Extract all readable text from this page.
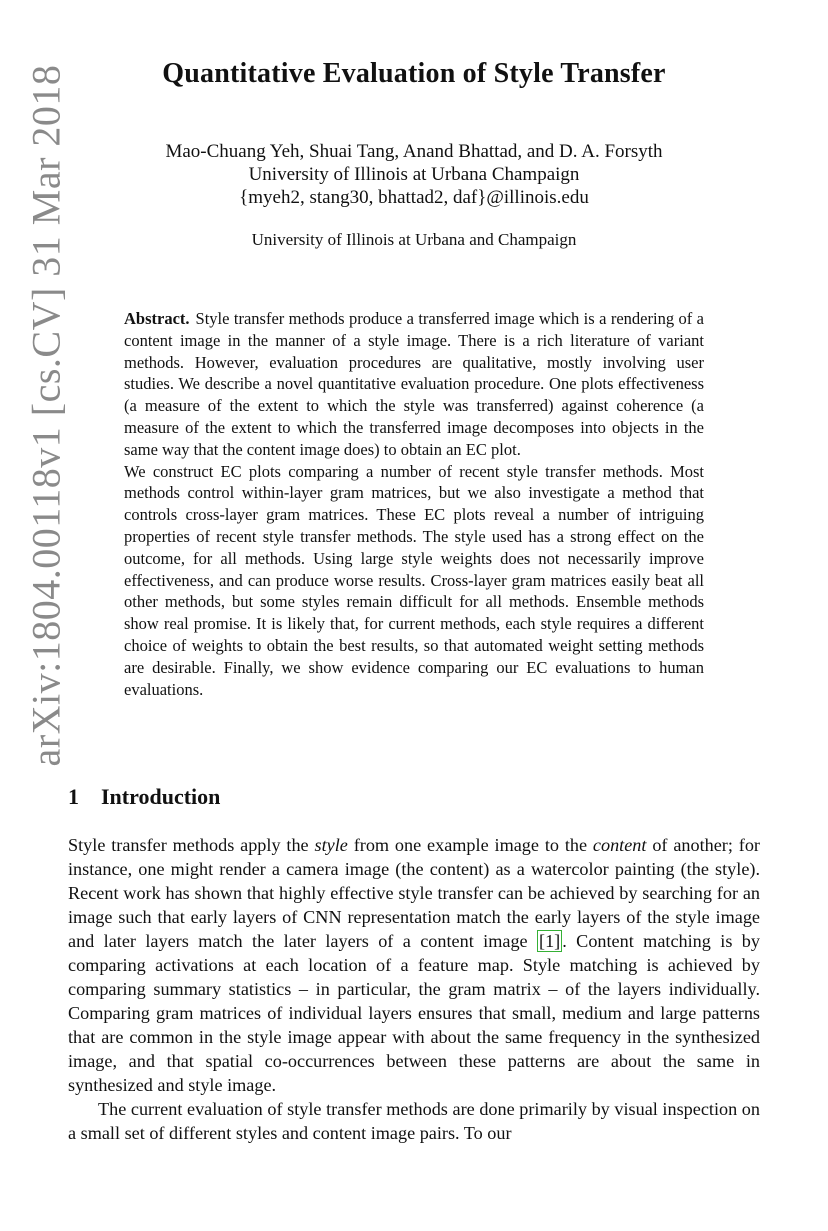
arXiv:1804.00118v1 [cs.CV] 31 Mar 2018	Quantitative Evaluation of Style Transfer
Mao-Chuang Yeh, Shuai Tang, Anand Bhattad, and D. A. Forsyth
University of Illinois at Urbana Champaign
{myeh2, stang30, bhattad2, daf}@illinois.edu
University of Illinois at Urbana and Champaign

Abstract. Style transfer methods produce a transferred image which is a rendering of a content image in the manner of a style image. There is a rich literature of variant methods. However, evaluation procedures are qualitative, mostly involving user studies. We describe a novel quantitative evaluation procedure. One plots effectiveness (a measure of the extent to which the style was transferred) against coherence (a measure of the extent to which the transferred image decomposes into objects in the same way that the content image does) to obtain an EC plot.

We construct EC plots comparing a number of recent style transfer methods. Most methods control within-layer gram matrices, but we also investigate a method that controls cross-layer gram matrices. These EC plots reveal a number of intriguing properties of recent style transfer methods. The style used has a strong effect on the outcome, for all methods. Using large style weights does not necessarily improve effectiveness, and can produce worse results. Cross-layer gram matrices easily beat all other methods, but some styles remain difficult for all methods. Ensemble methods show real promise. It is likely that, for current methods, each style requires a different choice of weights to obtain the best results, so that automated weight setting methods are desirable. Finally, we show evidence comparing our EC evaluations to human evaluations.

1 Introduction

Style transfer methods apply the style from one example image to the content of another; for instance, one might render a camera image (the content) as a watercolor painting (the style). Recent work has shown that highly effective style transfer can be achieved by searching for an image such that early layers of CNN representation match the early layers of the style image and later layers match the later layers of a content image [1] . Content matching is by comparing activations at each location of a feature map. Style matching is achieved by comparing summary statistics – in particular, the gram matrix – of the layers individually. Comparing gram matrices of individual layers ensures that small, medium and large patterns that are common in the style image appear with about the same frequency in the synthesized image, and that spatial co-occurrences between these patterns are about the same in synthesized and style image.

The current evaluation of style transfer methods are done primarily by visual inspection on a small set of different styles and content image pairs. To our
